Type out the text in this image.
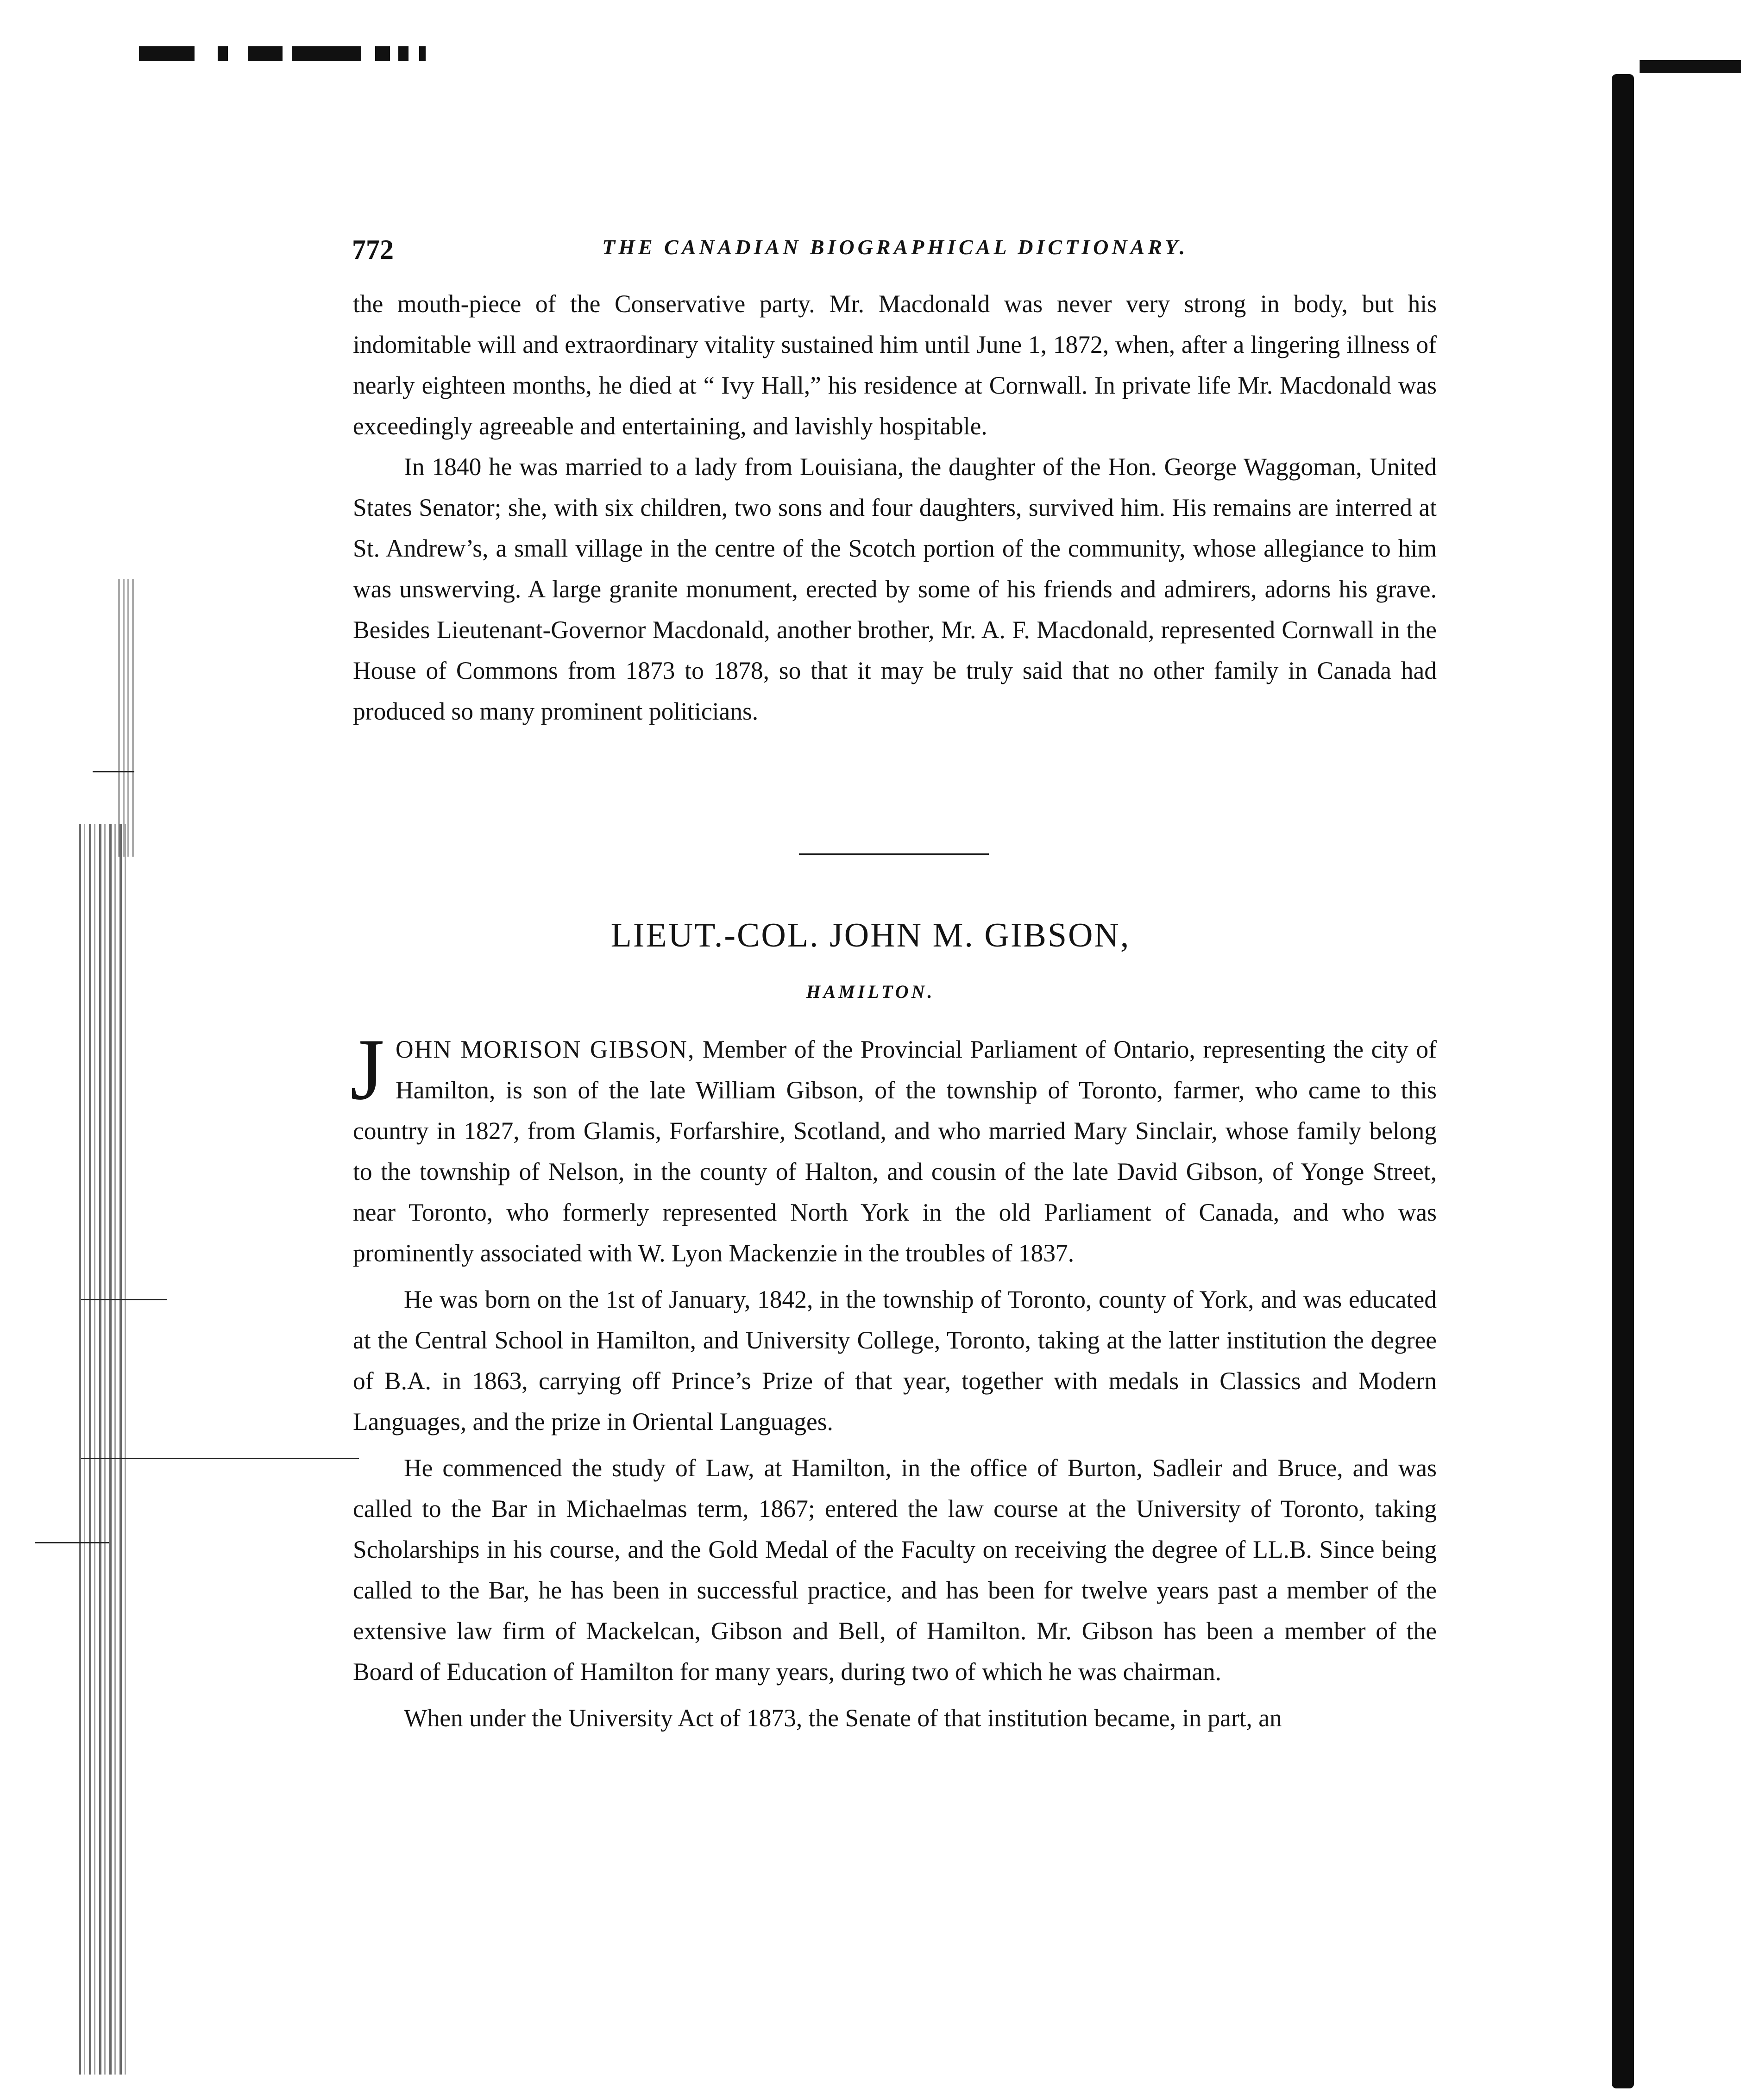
772	THE CANADIAN BIOGRAPHICAL DICTIONARY.

the mouth-piece of the Conservative party. Mr. Macdonald was never very strong in body, but his indomitable will and extraordinary vitality sustained him until June 1, 1872, when, after a lingering illness of nearly eighteen months, he died at “ Ivy Hall,” his residence at Cornwall. In private life Mr. Macdonald was exceedingly agreeable and entertaining, and lavishly hospitable.

In 1840 he was married to a lady from Louisiana, the daughter of the Hon. George Waggoman, United States Senator; she, with six children, two sons and four daughters, survived him. His remains are interred at St. Andrew’s, a small village in the centre of the Scotch portion of the community, whose allegiance to him was unswerving. A large granite monument, erected by some of his friends and admirers, adorns his grave. Besides Lieutenant-Governor Macdonald, another brother, Mr. A. F. Macdonald, represented Cornwall in the House of Commons from 1873 to 1878, so that it may be truly said that no other family in Canada had produced so many prominent politicians.

LIEUT.-COL. JOHN M. GIBSON,
HAMILTON.

JOHN MORISON GIBSON, Member of the Provincial Parliament of Ontario, representing the city of Hamilton, is son of the late William Gibson, of the township of Toronto, farmer, who came to this country in 1827, from Glamis, Forfarshire, Scotland, and who married Mary Sinclair, whose family belong to the township of Nelson, in the county of Halton, and cousin of the late David Gibson, of Yonge Street, near Toronto, who formerly represented North York in the old Parliament of Canada, and who was prominently associated with W. Lyon Mackenzie in the troubles of 1837.

He was born on the 1st of January, 1842, in the township of Toronto, county of York, and was educated at the Central School in Hamilton, and University College, Toronto, taking at the latter institution the degree of B.A. in 1863, carrying off Prince’s Prize of that year, together with medals in Classics and Modern Languages, and the prize in Oriental Languages.

He commenced the study of Law, at Hamilton, in the office of Burton, Sadleir and Bruce, and was called to the Bar in Michaelmas term, 1867; entered the law course at the University of Toronto, taking Scholarships in his course, and the Gold Medal of the Faculty on receiving the degree of LL.B. Since being called to the Bar, he has been in successful practice, and has been for twelve years past a member of the extensive law firm of Mackelcan, Gibson and Bell, of Hamilton. Mr. Gibson has been a member of the Board of Education of Hamilton for many years, during two of which he was chairman.

When under the University Act of 1873, the Senate of that institution became, in part, an
